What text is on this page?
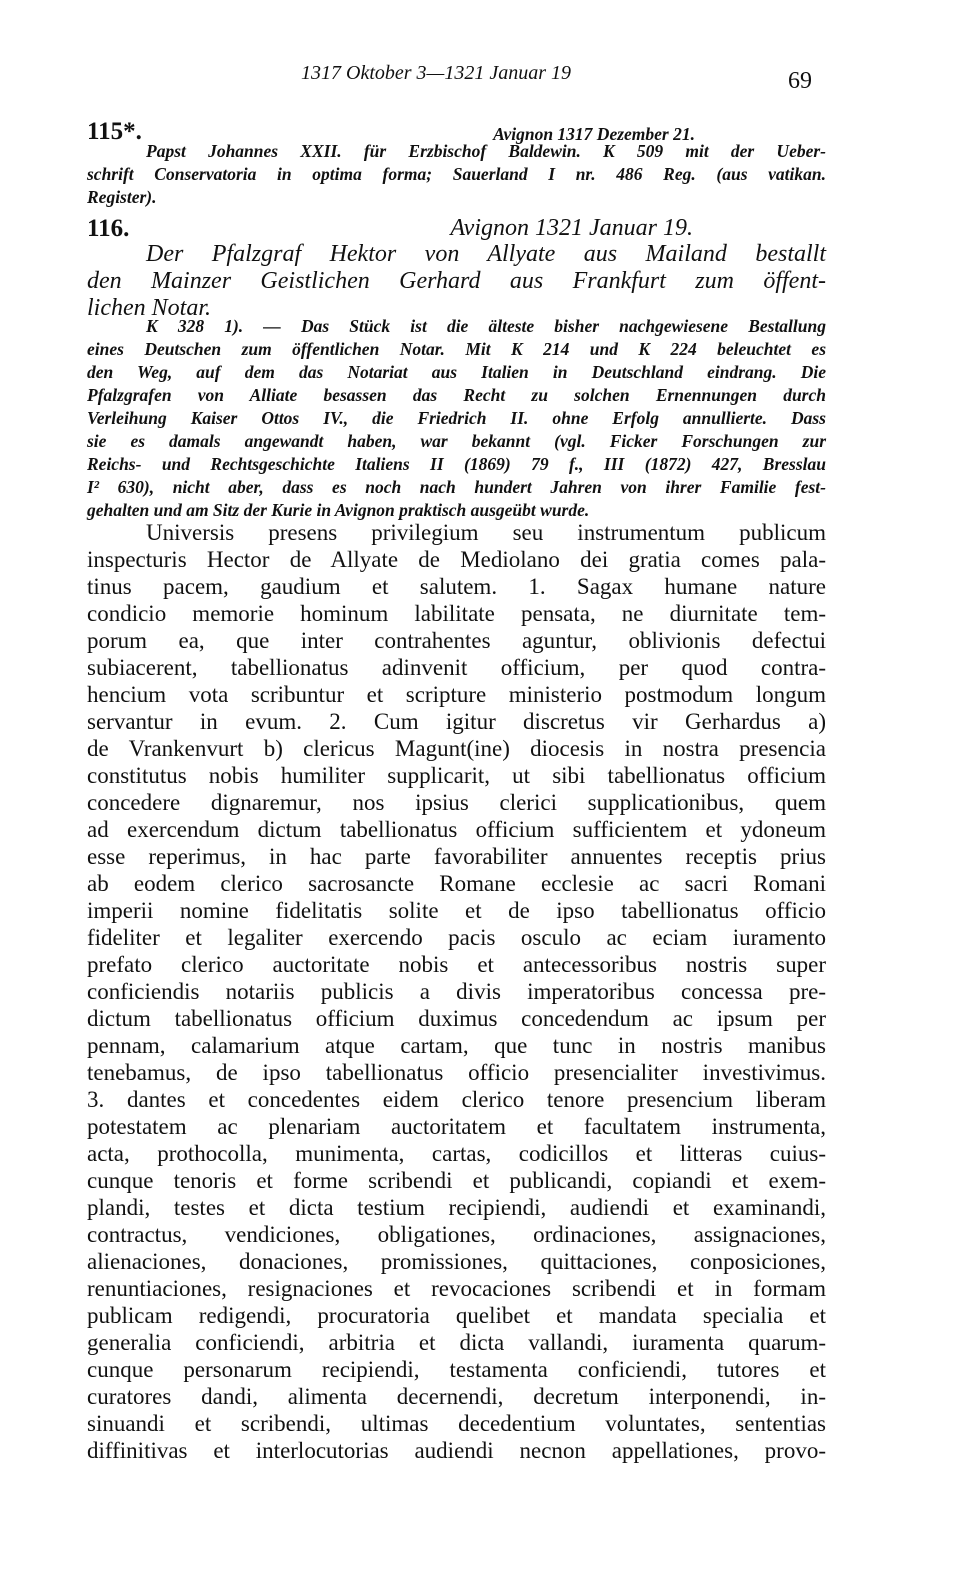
1317 Oktober 3—1321 Januar 19	69
115*.	Avignon 1317 Dezember 21.
Papst Johannes XXII. für Erzbischof Baldewin. K 509 mit der Ueber-
schrift Conservatoria in optima forma; Sauerland I nr. 486 Reg. (aus vatikan.
Register).
116.	Avignon 1321 Januar 19.
Der Pfalzgraf Hektor von Allyate aus Mailand bestallt
den Mainzer Geistlichen Gerhard aus Frankfurt zum öffent-
lichen Notar.
K 328 1). — Das Stück ist die älteste bisher nachgewiesene Bestallung
eines Deutschen zum öffentlichen Notar. Mit K 214 und K 224 beleuchtet es
den Weg, auf dem das Notariat aus Italien in Deutschland eindrang. Die
Pfalzgrafen von Alliate besassen das Recht zu solchen Ernennungen durch
Verleihung Kaiser Ottos IV., die Friedrich II. ohne Erfolg annullierte. Dass
sie es damals angewandt haben, war bekannt (vgl. Ficker Forschungen zur
Reichs- und Rechtsgeschichte Italiens II (1869) 79 f., III (1872) 427, Bresslau
I² 630), nicht aber, dass es noch nach hundert Jahren von ihrer Familie fest-
gehalten und am Sitz der Kurie in Avignon praktisch ausgeübt wurde.
Universis presens privilegium seu instrumentum publicum
inspecturis Hector de Allyate de Mediolano dei gratia comes pala-
tinus pacem, gaudium et salutem. 1. Sagax humane nature
condicio memorie hominum labilitate pensata, ne diurnitate tem-
porum ea, que inter contrahentes aguntur, oblivionis defectui
subiacerent, tabellionatus adinvenit officium, per quod contra-
hencium vota scribuntur et scripture ministerio postmodum longum
servantur in evum. 2. Cum igitur discretus vir Gerhardus a)
de Vrankenvurt b) clericus Magunt(ine) diocesis in nostra presencia
constitutus nobis humiliter supplicarit, ut sibi tabellionatus officium
concedere dignaremur, nos ipsius clerici supplicationibus, quem
ad exercendum dictum tabellionatus officium sufficientem et ydoneum
esse reperimus, in hac parte favorabiliter annuentes receptis prius
ab eodem clerico sacrosancte Romane ecclesie ac sacri Romani
imperii nomine fidelitatis solite et de ipso tabellionatus officio
fideliter et legaliter exercendo pacis osculo ac eciam iuramento
prefato clerico auctoritate nobis et antecessoribus nostris super
conficiendis notariis publicis a divis imperatoribus concessa pre-
dictum tabellionatus officium duximus concedendum ac ipsum per
pennam, calamarium atque cartam, que tunc in nostris manibus
tenebamus, de ipso tabellionatus officio presencialiter investivimus.
3. dantes et concedentes eidem clerico tenore presencium liberam
potestatem ac plenariam auctoritatem et facultatem instrumenta,
acta, prothocolla, munimenta, cartas, codicillos et litteras cuius-
cunque tenoris et forme scribendi et publicandi, copiandi et exem-
plandi, testes et dicta testium recipiendi, audiendi et examinandi,
contractus, vendiciones, obligationes, ordinaciones, assignaciones,
alienaciones, donaciones, promissiones, quittaciones, conposiciones,
renuntiaciones, resignaciones et revocaciones scribendi et in formam
publicam redigendi, procuratoria quelibet et mandata specialia et
generalia conficiendi, arbitria et dicta vallandi, iuramenta quarum-
cunque personarum recipiendi, testamenta conficiendi, tutores et
curatores dandi, alimenta decernendi, decretum interponendi, in-
sinuandi et scribendi, ultimas decedentium voluntates, sententias
diffinitivas et interlocutorias audiendi necnon appellationes, provo-
